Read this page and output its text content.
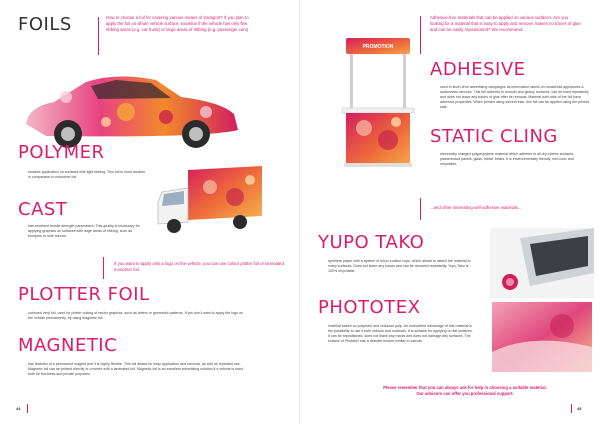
FOILS	How to choose a foil for covering various means of transport? If you plan to apply the foil on whole vehicle surface, examine if the vehicle has only few ribbing areas (e.g. car trunk) or large areas of ribbing (e.g. passenger cars)

POLYMER

enables application on surfaces with light ribbing. This foil is more durable in comparison to monomer foil.

CAST

has excellent tensile strength parameters. This quality is necessary for applying graphics on surfaces with large areas of ribbing, such as bumpers or side mirrors.

If you want to apply only a logo on the vehicle, you can use colour plotter foil or laminated monomer foil.

PLOTTER FOIL

coloured vinyl foil, used for plotter cutting of vector graphics, such as letters or geometric patterns. If you don't want to apply the logo on the vehicle permanently, try using magnetic foil.

MAGNETIC

has features of a permanent magnet and it is highly flexible. This foil allows for easy application and removal, as well as repeated use. Magnetic foil can be printed directly or covered with a laminated foil. Magnetic foil is an excellent advertising solution if a vehicle is used both for business and private purposes.

44

Adhesive-free materials that can be applied on various surfaces. Are you looking for a material that is easy to apply and remove, leaves no traces of glue and can be easily repositioned? We recommend:

PROMOTION
ADHESIVE

used in short-term advertising campaigns as information labels on household appliances & audio/video devices. This foil adheres to smooth and glossy surfaces, can be used repeatedly and does not leave any traces of glue after its removal. Material both side of the foil have adhesive properties. When printed using solvent inks, this foil can be applied using the printed side.

STATIC CLING

electrically charged polypropylene material which adheres to all dry interior surfaces: plasterboard panels, glass, metal, bricks. It is environmentally friendly, non-toxic and recyclable.

...and other interesting self-adhesive materials...

YUPO TAKO

synthetic paper with a system of micro suction cups, which allows to attach the material to many surfaces. Does not leave any traces and can be removed repeatedly. Yupo Tako is 100% recyclable.

PHOTOTEX

material based on polyester and cellulose pulp. An undoubted advantage of this material is the possibility to use it both indoors and outdoors. It is suitable for applying on flat surfaces. It can be repositioned, does not leave any marks and does not damage any surfaces. The surface of Phototex has a delicate texture similar to canvas.

Please remember that you can always ask for help in choosing a suitable material.

Our advisors can offer you professional support.

45
